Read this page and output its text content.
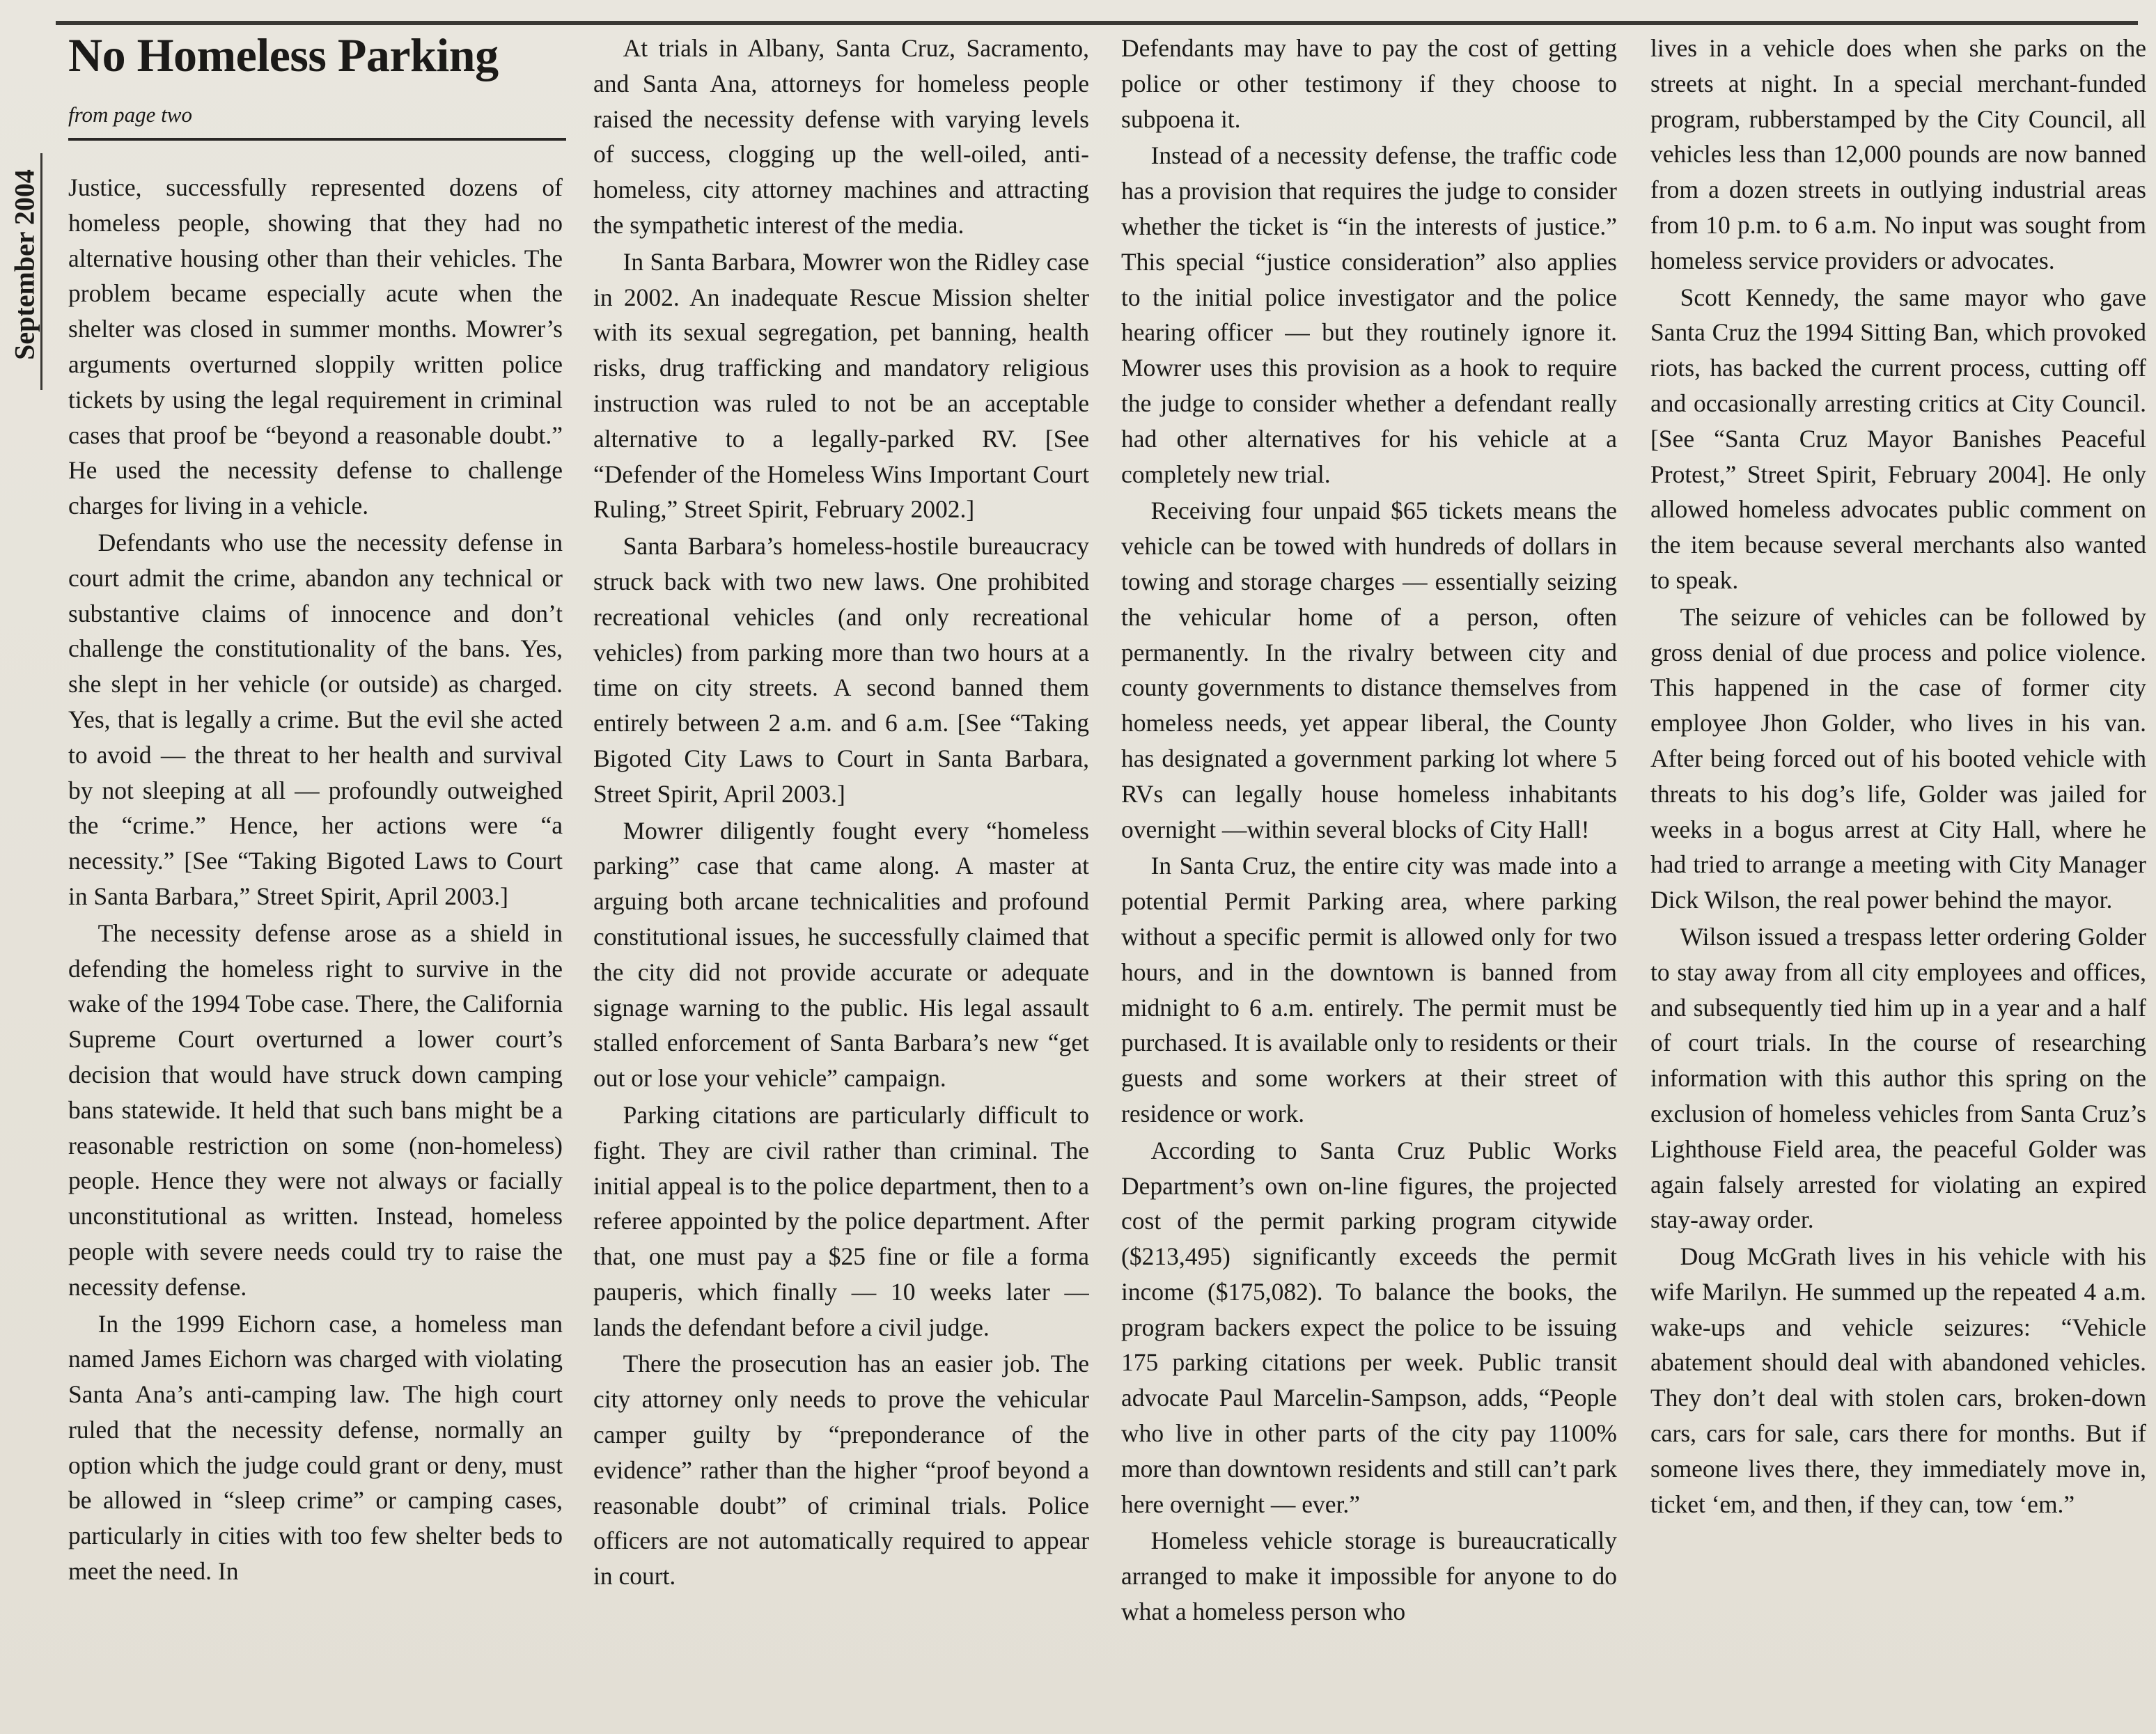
September 2004
No Homeless Parking
from page two

Justice, successfully represented dozens of homeless people, showing that they had no alternative housing other than their vehicles. The problem became especially acute when the shelter was closed in summer months. Mowrer’s arguments overturned sloppily written police tickets by using the legal requirement in criminal cases that proof be “beyond a reasonable doubt.” He used the necessity defense to challenge charges for living in a vehicle.

Defendants who use the necessity defense in court admit the crime, abandon any technical or substantive claims of innocence and don’t challenge the constitutionality of the bans. Yes, she slept in her vehicle (or outside) as charged. Yes, that is legally a crime. But the evil she acted to avoid — the threat to her health and survival by not sleeping at all — profoundly outweighed the “crime.” Hence, her actions were “a necessity.” [See “Taking Bigoted Laws to Court in Santa Barbara,” Street Spirit, April 2003.]

The necessity defense arose as a shield in defending the homeless right to survive in the wake of the 1994 Tobe case. There, the California Supreme Court overturned a lower court’s decision that would have struck down camping bans statewide. It held that such bans might be a reasonable restriction on some (non-homeless) people. Hence they were not always or facially unconstitutional as written. Instead, homeless people with severe needs could try to raise the necessity defense.

In the 1999 Eichorn case, a homeless man named James Eichorn was charged with violating Santa Ana’s anti-camping law. The high court ruled that the necessity defense, normally an option which the judge could grant or deny, must be allowed in “sleep crime” or camping cases, particularly in cities with too few shelter beds to meet the need. In

At trials in Albany, Santa Cruz, Sacramento, and Santa Ana, attorneys for homeless people raised the necessity defense with varying levels of success, clogging up the well-oiled, anti-homeless, city attorney machines and attracting the sympathetic interest of the media.

In Santa Barbara, Mowrer won the Ridley case in 2002. An inadequate Rescue Mission shelter with its sexual segregation, pet banning, health risks, drug trafficking and mandatory religious instruction was ruled to not be an acceptable alternative to a legally-parked RV. [See “Defender of the Homeless Wins Important Court Ruling,” Street Spirit, February 2002.]

Santa Barbara’s homeless-hostile bureaucracy struck back with two new laws. One prohibited recreational vehicles (and only recreational vehicles) from parking more than two hours at a time on city streets. A second banned them entirely between 2 a.m. and 6 a.m. [See “Taking Bigoted City Laws to Court in Santa Barbara, Street Spirit, April 2003.]

Mowrer diligently fought every “homeless parking” case that came along. A master at arguing both arcane technicalities and profound constitutional issues, he successfully claimed that the city did not provide accurate or adequate signage warning to the public. His legal assault stalled enforcement of Santa Barbara’s new “get out or lose your vehicle” campaign.

Parking citations are particularly difficult to fight. They are civil rather than criminal. The initial appeal is to the police department, then to a referee appointed by the police department. After that, one must pay a $25 fine or file a forma pauperis, which finally — 10 weeks later — lands the defendant before a civil judge.

There the prosecution has an easier job. The city attorney only needs to prove the vehicular camper guilty by “preponderance of the evidence” rather than the higher “proof beyond a reasonable doubt” of criminal trials. Police officers are not automatically required to appear in court.

Defendants may have to pay the cost of getting police or other testimony if they choose to subpoena it.

Instead of a necessity defense, the traffic code has a provision that requires the judge to consider whether the ticket is “in the interests of justice.” This special “justice consideration” also applies to the initial police investigator and the police hearing officer — but they routinely ignore it. Mowrer uses this provision as a hook to require the judge to consider whether a defendant really had other alternatives for his vehicle at a completely new trial.

Receiving four unpaid $65 tickets means the vehicle can be towed with hundreds of dollars in towing and storage charges — essentially seizing the vehicular home of a person, often permanently. In the rivalry between city and county governments to distance themselves from homeless needs, yet appear liberal, the County has designated a government parking lot where 5 RVs can legally house homeless inhabitants overnight —within several blocks of City Hall!

In Santa Cruz, the entire city was made into a potential Permit Parking area, where parking without a specific permit is allowed only for two hours, and in the downtown is banned from midnight to 6 a.m. entirely. The permit must be purchased. It is available only to residents or their guests and some workers at their street of residence or work.

According to Santa Cruz Public Works Department’s own on-line figures, the projected cost of the permit parking program citywide ($213,495) significantly exceeds the permit income ($175,082). To balance the books, the program backers expect the police to be issuing 175 parking citations per week. Public transit advocate Paul Marcelin-Sampson, adds, “People who live in other parts of the city pay 1100% more than downtown residents and still can’t park here overnight — ever.”

Homeless vehicle storage is bureaucratically arranged to make it impossible for anyone to do what a homeless person who

lives in a vehicle does when she parks on the streets at night. In a special merchant-funded program, rubberstamped by the City Council, all vehicles less than 12,000 pounds are now banned from a dozen streets in outlying industrial areas from 10 p.m. to 6 a.m. No input was sought from homeless service providers or advocates.

Scott Kennedy, the same mayor who gave Santa Cruz the 1994 Sitting Ban, which provoked riots, has backed the current process, cutting off and occasionally arresting critics at City Council. [See “Santa Cruz Mayor Banishes Peaceful Protest,” Street Spirit, February 2004]. He only allowed homeless advocates public comment on the item because several merchants also wanted to speak.

The seizure of vehicles can be followed by gross denial of due process and police violence. This happened in the case of former city employee Jhon Golder, who lives in his van. After being forced out of his booted vehicle with threats to his dog’s life, Golder was jailed for weeks in a bogus arrest at City Hall, where he had tried to arrange a meeting with City Manager Dick Wilson, the real power behind the mayor.

Wilson issued a trespass letter ordering Golder to stay away from all city employees and offices, and subsequently tied him up in a year and a half of court trials. In the course of researching information with this author this spring on the exclusion of homeless vehicles from Santa Cruz’s Lighthouse Field area, the peaceful Golder was again falsely arrested for violating an expired stay-away order.

Doug McGrath lives in his vehicle with his wife Marilyn. He summed up the repeated 4 a.m. wake-ups and vehicle seizures: “Vehicle abatement should deal with abandoned vehicles. They don’t deal with stolen cars, broken-down cars, cars for sale, cars there for months. But if someone lives there, they immediately move in, ticket ‘em, and then, if they can, tow ‘em.”
